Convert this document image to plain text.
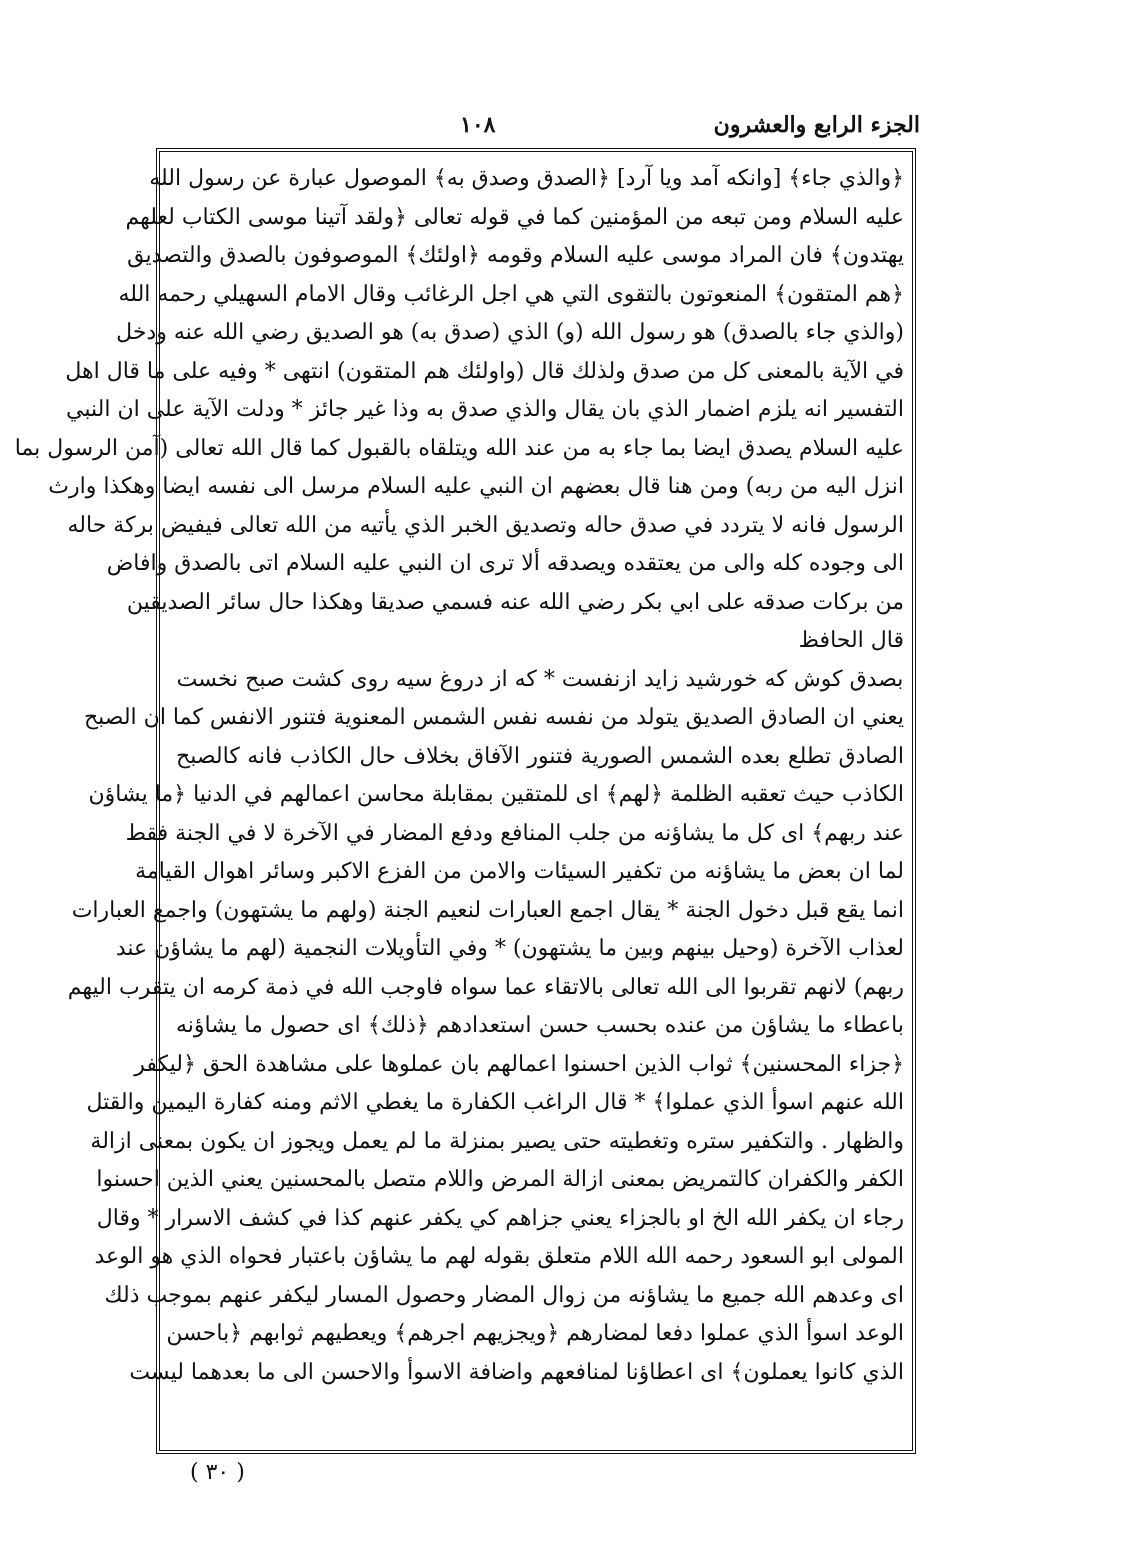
الجزء الرابع والعشرون
١٠٨
﴿والذي جاء﴾ [وانكه آمد ويا آرد] ﴿الصدق وصدق به﴾ الموصول عبارة عن رسول الله
عليه السلام ومن تبعه من المؤمنين كما في قوله تعالى ﴿ولقد آتينا موسى الكتاب لعلهم
يهتدون﴾ فان المراد موسى عليه السلام وقومه ﴿اولئك﴾ الموصوفون بالصدق والتصديق
﴿هم المتقون﴾ المنعوتون بالتقوى التي هي اجل الرغائب وقال الامام السهيلي رحمه الله
(والذي جاء بالصدق) هو رسول الله (و) الذي (صدق به) هو الصديق رضي الله عنه ودخل
في الآية بالمعنى كل من صدق ولذلك قال (واولئك هم المتقون) انتهى * وفيه على ما قال اهل
التفسير انه يلزم اضمار الذي بان يقال والذي صدق به وذا غير جائز * ودلت الآية على ان النبي
عليه السلام يصدق ايضا بما جاء به من عند الله ويتلقاه بالقبول كما قال الله تعالى (آمن الرسول بما
انزل اليه من ربه) ومن هنا قال بعضهم ان النبي عليه السلام مرسل الى نفسه ايضا وهكذا وارث
الرسول فانه لا يتردد في صدق حاله وتصديق الخبر الذي يأتيه من الله تعالى فيفيض بركة حاله
الى وجوده كله والى من يعتقده ويصدقه ألا ترى ان النبي عليه السلام اتى بالصدق وافاض
من بركات صدقه على ابي بكر رضي الله عنه فسمي صديقا وهكذا حال سائر الصديقين
قال الحافظ
بصدق كوش كه خورشيد زايد ازنفست * كه از دروغ سيه روى كشت صبح نخست
يعني ان الصادق الصديق يتولد من نفسه نفس الشمس المعنوية فتنور الانفس كما ان الصبح
الصادق تطلع بعده الشمس الصورية فتنور الآفاق بخلاف حال الكاذب فانه كالصبح
الكاذب حيث تعقبه الظلمة ﴿لهم﴾ اى للمتقين بمقابلة محاسن اعمالهم في الدنيا ﴿ما يشاؤن
عند ربهم﴾ اى كل ما يشاؤنه من جلب المنافع ودفع المضار في الآخرة لا في الجنة فقط
لما ان بعض ما يشاؤنه من تكفير السيئات والامن من الفزع الاكبر وسائر اهوال القيامة
انما يقع قبل دخول الجنة * يقال اجمع العبارات لنعيم الجنة (ولهم ما يشتهون) واجمع العبارات
لعذاب الآخرة (وحيل بينهم وبين ما يشتهون) * وفي التأويلات النجمية (لهم ما يشاؤن عند
ربهم) لانهم تقربوا الى الله تعالى بالاتقاء عما سواه فاوجب الله في ذمة كرمه ان يتقرب اليهم
باعطاء ما يشاؤن من عنده بحسب حسن استعدادهم ﴿ذلك﴾ اى حصول ما يشاؤنه
﴿جزاء المحسنين﴾ ثواب الذين احسنوا اعمالهم بان عملوها على مشاهدة الحق ﴿ليكفر
الله عنهم اسوأ الذي عملوا﴾ * قال الراغب الكفارة ما يغطي الاثم ومنه كفارة اليمين والقتل
والظهار . والتكفير ستره وتغطيته حتى يصير بمنزلة ما لم يعمل ويجوز ان يكون بمعنى ازالة
الكفر والكفران كالتمريض بمعنى ازالة المرض واللام متصل بالمحسنين يعني الذين احسنوا
رجاء ان يكفر الله الخ او بالجزاء يعني جزاهم كي يكفر عنهم كذا في كشف الاسرار * وقال
المولى ابو السعود رحمه الله اللام متعلق بقوله لهم ما يشاؤن باعتبار فحواه الذي هو الوعد
اى وعدهم الله جميع ما يشاؤنه من زوال المضار وحصول المسار ليكفر عنهم بموجب ذلك
الوعد اسوأ الذي عملوا دفعا لمضارهم ﴿ويجزيهم اجرهم﴾ ويعطيهم ثوابهم ﴿باحسن
الذي كانوا يعملون﴾ اى اعطاؤنا لمنافعهم واضافة الاسوأ والاحسن الى ما بعدهما ليست
( ٣٠ )
